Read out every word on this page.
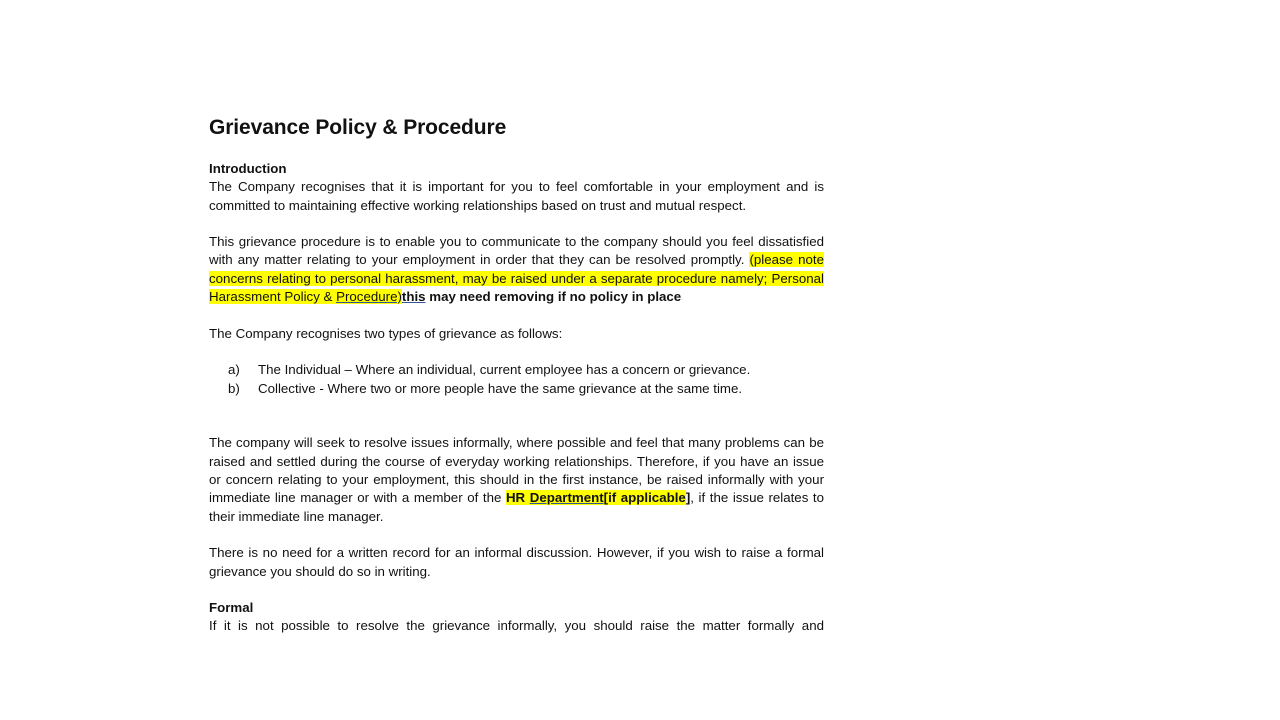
Grievance Policy & Procedure
Introduction

The Company recognises that it is important for you to feel comfortable in your employment and is committed to maintaining effective working relationships based on trust and mutual respect.

This grievance procedure is to enable you to communicate to the company should you feel dissatisfied with any matter relating to your employment in order that they can be resolved promptly. (please note concerns relating to personal harassment, may be raised under a separate procedure namely; Personal Harassment Policy & Procedure)this may need removing if no policy in place

The Company recognises two types of grievance as follows:

a)	The Individual – Where an individual, current employee has a concern or grievance.
b)	Collective - Where two or more people have the same grievance at the same time.

The company will seek to resolve issues informally, where possible and feel that many problems can be raised and settled during the course of everyday working relationships. Therefore, if you have an issue or concern relating to your employment, this should in the first instance, be raised informally with your immediate line manager or with a member of the HR Department[if applicable], if the issue relates to their immediate line manager.

There is no need for a written record for an informal discussion. However, if you wish to raise a formal grievance you should do so in writing.

Formal

If it is not possible to resolve the grievance informally, you should raise the matter formally and
